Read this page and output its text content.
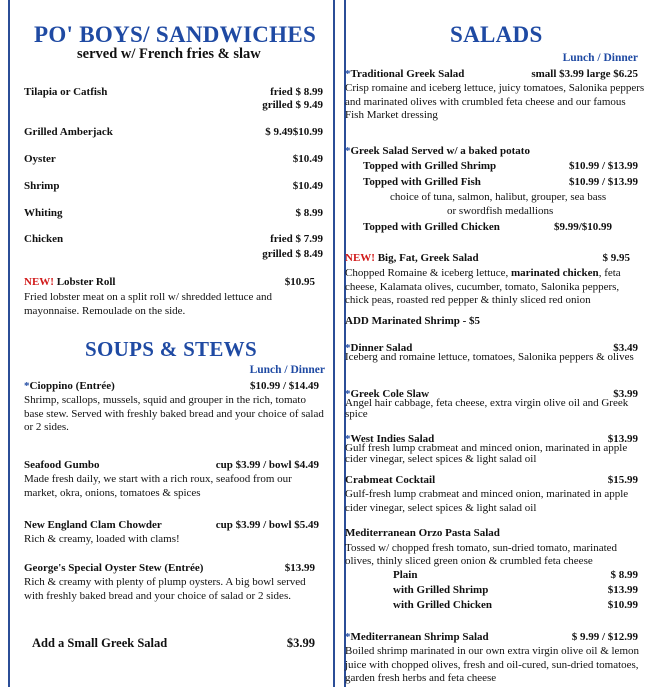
PO' BOYS/ SANDWICHES
served w/ French fries & slaw
Tilapia or Catfish	fried $ 8.99
grilled $ 9.49
Grilled Amberjack	$ 9.49$10.99
Oyster	$10.49
Shrimp	$10.49
Whiting	$ 8.99
Chicken	fried $ 7.99
grilled $ 8.49
NEW! Lobster Roll	$10.95
Fried lobster meat on a split roll w/ shredded lettuce and mayonnaise. Remoulade on the side.
SOUPS & STEWS
Lunch / Dinner
*Cioppino (Entrée)	$10.99 / $14.49
Shrimp, scallops, mussels, squid and grouper in the rich, tomato base stew. Served with freshly baked bread and your choice of salad or 2 sides.
Seafood Gumbo	cup $3.99 / bowl $4.49
Made fresh daily, we start with a rich roux, seafood from our market, okra, onions, tomatoes & spices
New England Clam Chowder	cup $3.99 / bowl $5.49
Rich & creamy, loaded with clams!
George's Special Oyster Stew (Entrée)	$13.99
Rich & creamy with plenty of plump oysters. A big bowl served with freshly baked bread and your choice of salad or 2 sides.
Add a Small Greek Salad	$3.99
SALADS
Lunch / Dinner
*Traditional Greek Salad	small $3.99 large $6.25
Crisp romaine and iceberg lettuce, juicy tomatoes, Salonika peppers and marinated olives with crumbled feta cheese and our famous Fish Market dressing
*Greek Salad Served w/ a baked potato
Topped with Grilled Shrimp	$10.99 / $13.99
Topped with Grilled Fish	$10.99 / $13.99
choice of tuna, salmon, halibut, grouper, sea bass
or swordfish medallions
Topped with Grilled Chicken	$9.99/$10.99
NEW! Big, Fat, Greek Salad	$ 9.95
Chopped Romaine & iceberg lettuce, marinated chicken, feta cheese, Kalamata olives, cucumber, tomato, Salonika peppers, chick peas, roasted red pepper & thinly sliced red onion
ADD Marinated Shrimp - $5
*Dinner Salad	$3.49
Iceberg and romaine lettuce, tomatoes, Salonika peppers & olives
*Greek Cole Slaw	$3.99
Angel hair cabbage, feta cheese, extra virgin olive oil and Greek spice
*West Indies Salad	$13.99
Gulf fresh lump crabmeat and minced onion, marinated in apple cider vinegar, select spices & light salad oil
Crabmeat Cocktail	$15.99
Gulf-fresh lump crabmeat and minced onion, marinated in apple cider vinegar, select spices & light salad oil
Mediterranean Orzo Pasta Salad
Tossed w/ chopped fresh tomato, sun-dried tomato, marinated olives, thinly sliced green onion & crumbled feta cheese
Plain	$ 8.99
with Grilled Shrimp	$13.99
with Grilled Chicken	$10.99
*Mediterranean Shrimp Salad	$ 9.99 / $12.99
Boiled shrimp marinated in our own extra virgin olive oil & lemon juice with chopped olives, fresh and oil-cured, sun-dried tomatoes, garden fresh herbs and feta cheese
